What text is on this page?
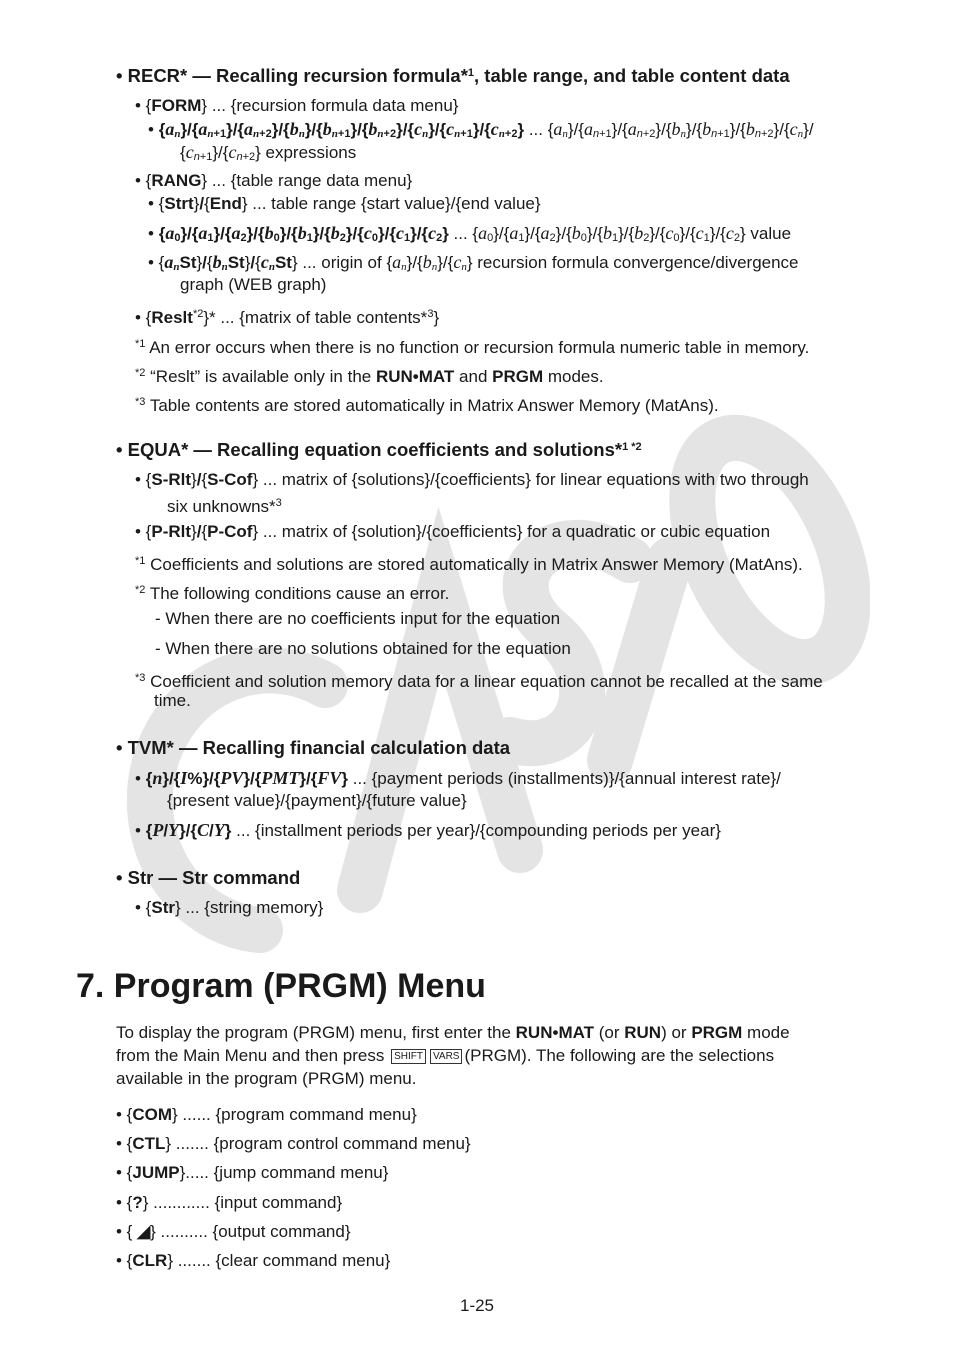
• RECR* — Recalling recursion formula*$^1$, table range, and table content data
• {FORM} ... {recursion formula data menu}
• $\{a_n\}/\{a_{n+1}\}/\{a_{n+2}\}/\{b_n\}/\{b_{n+1}\}/\{b_{n+2}\}/\{c_n\}/\{c_{n+1}\}/\{c_{n+2}\}$ ... $\{a_n\}/\{a_{n+1}\}/\{a_{n+2}\}/\{b_n\}/\{b_{n+1}\}/\{b_{n+2}\}/\{c_n\}/$
$\{c_{n+1}\}/\{c_{n+2}\}$ expressions
• {RANG} ... {table range data menu}
• {Strt}/{End} ... table range {start value}/{end value}
• $\{a_0\}/\{a_1\}/\{a_2\}/\{b_0\}/\{b_1\}/\{b_2\}/\{c_0\}/\{c_1\}/\{c_2\}$ ... $\{a_0\}/\{a_1\}/\{a_2\}/\{b_0\}/\{b_1\}/\{b_2\}/\{c_0\}/\{c_1\}/\{c_2\}$ value
• $\{a_nSt\}/\{b_nSt\}/\{c_nSt\}$ ... origin of $\{a_n\}/\{b_n\}/\{c_n\}$ recursion formula convergence/divergence
graph (WEB graph)
• {Reslt$^{*2}$}* ... {matrix of table contents*$^3$}
$^{*1}$ An error occurs when there is no function or recursion formula numeric table in memory.
$^{*2}$ “Reslt” is available only in the RUN•MAT and PRGM modes.
$^{*3}$ Table contents are stored automatically in Matrix Answer Memory (MatAns).
• EQUA* — Recalling equation coefficients and solutions*$^{1 *2}$
• {S-Rlt}/{S-Cof} ... matrix of {solutions}/{coefficients} for linear equations with two through
six unknowns*$^3$
• {P-Rlt}/{P-Cof} ... matrix of {solution}/{coefficients} for a quadratic or cubic equation
$^{*1}$ Coefficients and solutions are stored automatically in Matrix Answer Memory (MatAns).
$^{*2}$ The following conditions cause an error.
- When there are no coefficients input for the equation
- When there are no solutions obtained for the equation
$^{*3}$ Coefficient and solution memory data for a linear equation cannot be recalled at the same
time.
• TVM* — Recalling financial calculation data
• {n}/{I%}/{PV}/{PMT}/{FV} ... {payment periods (installments)}/{annual interest rate}/
{present value}/{payment}/{future value}
• {P/Y}/{C/Y} ... {installment periods per year}/{compounding periods per year}
• Str — Str command
• {Str} ... {string memory}
7. Program (PRGM) Menu
To display the program (PRGM) menu, first enter the RUN•MAT (or RUN) or PRGM mode
from the Main Menu and then press SHIFT VARS (PRGM). The following are the selections
available in the program (PRGM) menu.
• {COM} ...... {program command menu}
• {CTL} ....... {program control command menu}
• {JUMP}..... {jump command menu}
• {?} ............ {input command}
• { ◢} .......... {output command}
• {CLR} ....... {clear command menu}
1-25
